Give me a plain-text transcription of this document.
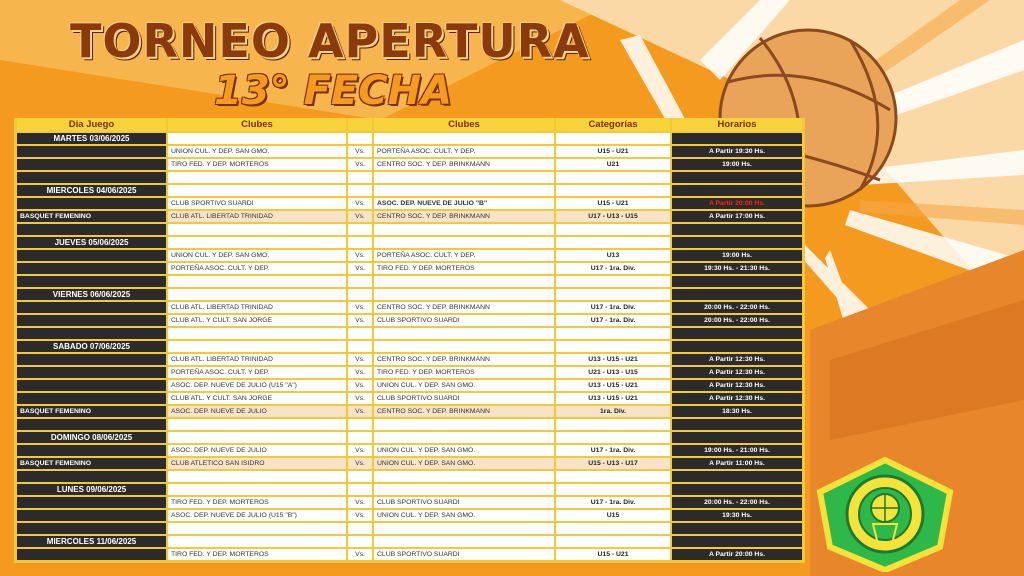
TORNEO APERTURA
13° FECHA
Dia Juego	Clubes		Clubes	Categorías	Horarios
MARTES 03/06/2025					
	UNION CUL. Y DEP. SAN GMO.	Vs.	PORTEÑA ASOC. CULT. Y DEP.	U15 - U21	A Partir 19:30 Hs.
	TIRO FED. Y DEP. MORTEROS	Vs.	CENTRO SOC. Y DEP. BRINKMANN	U21	19:00 Hs.

MIERCOLES 04/06/2025					
	CLUB SPORTIVO SUARDI	Vs.	ASOC. DEP. NUEVE DE JULIO "B"	U15 - U21	A Partir 20:00 Hs.
BASQUET FEMENINO	CLUB ATL. LIBERTAD TRINIDAD	Vs.	CENTRO SOC. Y DEP. BRINKMANN	U17 - U13 - U15	A Partir 17:00 Hs.

JUEVES 05/06/2025					
	UNION CUL. Y DEP. SAN GMO.	Vs.	PORTEÑA ASOC. CULT. Y DEP.	U13	19:00 Hs.
	PORTEÑA ASOC. CULT. Y DEP.	Vs.	TIRO FED. Y DEP. MORTEROS	U17 - 1ra. Div.	19:30 Hs. - 21:30 Hs.

VIERNES 06/06/2025					
	CLUB ATL. LIBERTAD TRINIDAD	Vs.	CENTRO SOC. Y DEP. BRINKMANN	U17 - 1ra. Div.	20:00 Hs. - 22:00 Hs.
	CLUB ATL. Y CULT. SAN JORGE	Vs.	CLUB SPORTIVO SUARDI	U17 - 1ra. Div.	20:00 Hs. - 22:00 Hs.

SABADO 07/06/2025					
	CLUB ATL. LIBERTAD TRINIDAD	Vs.	CENTRO SOC. Y DEP. BRINKMANN	U13 - U15 - U21	A Partir 12:30 Hs.
	PORTEÑA ASOC. CULT. Y DEP.	Vs.	TIRO FED. Y DEP. MORTEROS	U21 - U13 - U15	A Partir 12:30 Hs.
	ASOC. DEP. NUEVE DE JULIO (U15 "A")	Vs.	UNION CUL. Y DEP. SAN GMO.	U13 - U15 - U21	A Partir 12:30 Hs.
	CLUB ATL. Y CULT. SAN JORGE	Vs.	CLUB SPORTIVO SUARDI	U13 - U15 - U21	A Partir 12:30 Hs.
BASQUET FEMENINO	ASOC. DEP. NUEVE DE JULIO	Vs.	CENTRO SOC. Y DEP. BRINKMANN	1ra. Div.	18:30 Hs.

DOMINGO 08/06/2025					
	ASOC. DEP. NUEVE DE JULIO	Vs.	UNION CUL. Y DEP. SAN GMO.	U17 - 1ra. Div.	19:00 Hs. - 21:00 Hs.
BASQUET FEMENINO	CLUB ATLETICO SAN ISIDRO	Vs.	UNION CUL. Y DEP. SAN GMO.	U15 - U13 - U17	A Partir 11:00 Hs.

LUNES 09/06/2025					
	TIRO FED. Y DEP. MORTEROS	Vs.	CLUB SPORTIVO SUARDI	U17 - 1ra. Div.	20:00 Hs. - 22:00 Hs.
	ASOC. DEP. NUEVE DE JULIO (U15 "B")	Vs.	UNION CUL. Y DEP. SAN GMO.	U15	19:30 Hs.

MIERCOLES 11/06/2025					
	TIRO FED. Y DEP. MORTEROS	Vs.	CLUB SPORTIVO SUARDI	U15 - U21	A Partir 20:00 Hs.
